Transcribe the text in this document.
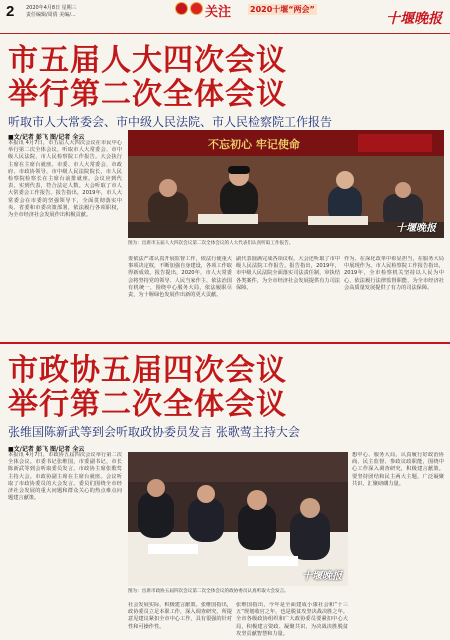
2 2020年4月8日 星期三
责任编辑/周倩 美编/...	关注 2020十堰“两会”
十堰晚报
市五届人大四次会议
举行第二次全体会议
听取市人大常委会、市中级人民法院、市人民检察院工作报告
■文/记者 彭飞 图/记者 全云
本报讯 4月7日，市五届人大四次会议在市民中心举行第二次全体会议，听取市人大常委会、市中级人民法院、市人民检察院工作报告。大会执行主席在主席台就座。市委、市人大常委会、市政府、市政协领导，市中级人民法院院长、市人民检察院检察长在主席台前排就座。会议应到代表，实到代表，符合法定人数。大会听取了市人大常委会工作报告。报告指出，2019年，市人大常委会在市委的坚强领导下，全面贯彻落实中央、省委和市委决策部署，依法履行各项职权，为全市经济社会发展作出积极贡献。
不忘初心 牢记使命
十堰晚报
图为：出席市五届人大四次会议第二次全体会议的人大代表们认真听取工作报告。
委依法严肃认真开展监督工作，依法行使重大事项决定权，不断加强自身建设，各项工作取得新成效。报告提出，2020年，市人大常委会将坚持党的领导、人民当家作主、依法治国有机统一，围绕中心服务大局，依法履职尽责，为十堰绿色发展作出新的更大贡献。
副代表圆满完成各项议程。大会还听取了市中级人民法院工作报告。报告指出，2019年，市中级人民法院全面落实司法责任制，审执结各类案件，为全市经济社会发展提供有力司法保障。
作为，在深化改革中彰显担当，在服务大局中展现作为。市人民检察院工作报告指出，2019年，全市检察机关坚持以人民为中心，依法履行法律监督职能，为全市经济社会高质量发展提供了有力的司法保障。
市政协五届四次会议
举行第二次全体会议
张维国陈新武等到会听取政协委员发言 张歌莺主持大会
■文/记者 彭飞 图/记者 全云
本报讯 4月7日，市政协五届四次会议举行第二次全体会议。市委书记张维国，市委副书记、市长陈新武等到会听取委员发言。市政协主席张歌莺主持大会。市政协副主席在主席台就座。会议听取了市政协委员的大会发言。委员们围绕全市经济社会发展的重大问题和群众关心的热点难点问题建言献策。
十堰晚报
图为：出席市政协五届四次会议第二次全体会议的政协委员认真听取大会发言。
社会发展实际，积极建言献策。张维国指出，政协委员立足本职工作，深入调查研究，所提意见建议紧扣全市中心工作，具有很强的针对性和可操作性。
张维国指出，今年是全面建成小康社会和“十三五”规划收官之年，也是脱贫攻坚决战决胜之年。全市各级政协组织和广大政协委员要紧扣中心大局，积极建言资政、凝聚共识，为决战决胜脱贫攻坚贡献智慧和力量。
想中心、服务大局，认真履行好政治协商、民主监督、参政议政职能，围绕中心工作深入调查研究，积极建言献策。要坚持团结和民主两大主题，广泛凝聚共识，汇聚磅礴力量。
